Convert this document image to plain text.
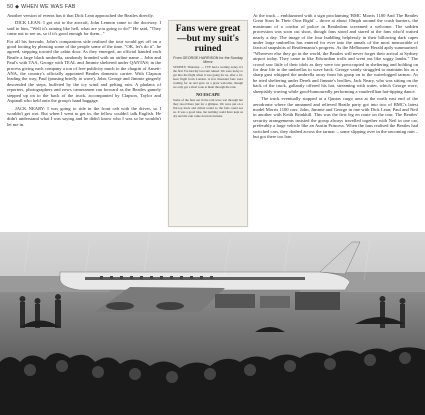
50 ◆ WHEN WE WAS FAB

Another version of events has it that Dick Lean approached the Beatles directly.

DICK LEAN: I got out to the aircraft, John Lennon came to the doorway. I said to him, "Well it's raining like hell, what are you going to do?" He said, "They came out to see us, so if it's good enough for them..."

For all his bravado, John's companions side realised the tour would get off on a good footing by pleasing some of the people some of the time. "OK, let's do it". he agreed, stepping toward the cabin door. As they emerged, an official handed each Beatle a large black umbrella, randomly branded with an airline name – John and Paul's with TAA, George with TEAL and Jimmie sheltered under QANTAS; in the process giving each company a ton of free publicity much to the chagrin of Ansett-ANA, the country's officially appointed Beatles domestic carrier. With Clapson leading the way, Paul (pausing briefly to wave), John, George and Jimmie gingerly descended the steps, buffeted by the icy wind and pelting rain. A phalanx of reporters, photographers and news cameramen ran forward as the Beatles gamely stepped up on to the back of the truck, accompanied by Clapson, Taylor and Aspinall who held onto the group's hand baggage.

JACK NEARY: I was going to ride in the front cab with the driver, so I wouldn't get wet. But when I went to get in, the fellow couldn't talk English. He didn't understand what I was saying and he didn't know who I was so he wouldn't let me in.

Fans were great—but my suit's ruined
From GEORGE HARRISON for the Sunday Mirror
SYDNEY, Thursday. — I'VE had a wetting today, it's the first I've had my best suit ruined. We were lucky to get into the flight when it was going for us, after a 16-hour flight from London. A few thousand fans were waiting for us and gave us a great welcome, though we only got a short look at them through the rain.
NO ESCAPE
Some of the fans out in the rain were wet through but they stood there just for a glimpse. We were put on a flat-top truck and driven round so the fans could see us. It was a good idea, but nothing could have kept us dry and the rain came down in buckets.

At the truck – emblazoned with a sign proclaiming 'BMC Morris 1100 And The Beatles Great Stars In Their Own Right' – drove at about 10mph around the crash barriers, the maximum of a cordon of police in Beatledom screamed a welcome. The sodden procession was soon cut short, though fans stood and stared at the fans who'd waited nearly a day. The image of the four huddling helplessly in their billowing dark capes under large umbrellas has entered for ever into the annals of the most memorable of farcical snapshots of Beatlemania's progress. As the Melbourne Herald aptly summarised: "Wherever else they go in the world, the Beatles will never forget their arrival at Sydney airport today. They came in like Edwardian trolls and went out like soggy lambs." The crowd saw little of their idols as they were too preoccupied in sheltering and holding on for dear life to the umbrellas to wave back. George vainly struggled to maintain his as a sharp gust whipped the umbrella away from his grasp on to the waterlogged tarmac. As he tried sheltering under Derek and Jimmie's brollies, Jack Neary, who was sitting on the back of the truck, gallantly offered his hat, streaming with water, which George wore, sheepishly waving while good-humouredly performing a vaudevillian hat-tipping dance.

The truck eventually stopped at a Qantas cargo area at the north east end of the aerodrome where the unnamed and relieved Beatle party got into two of BMC's latest model Morris 1100 cars: John, Jimmie and George in one with Dick Lean; Paul and Neil in another with Keith Brinkhill. This was the first leg en route on the tour. The Beatles' security arrangements insisted the group always travelled together with Neil in one car, preferably a large vehicle like an Austin Princess. When the fans realised the Beatles had switched cars, they dashed across the tarmac – some slipping over in the oncoming rain – but got there too late.
